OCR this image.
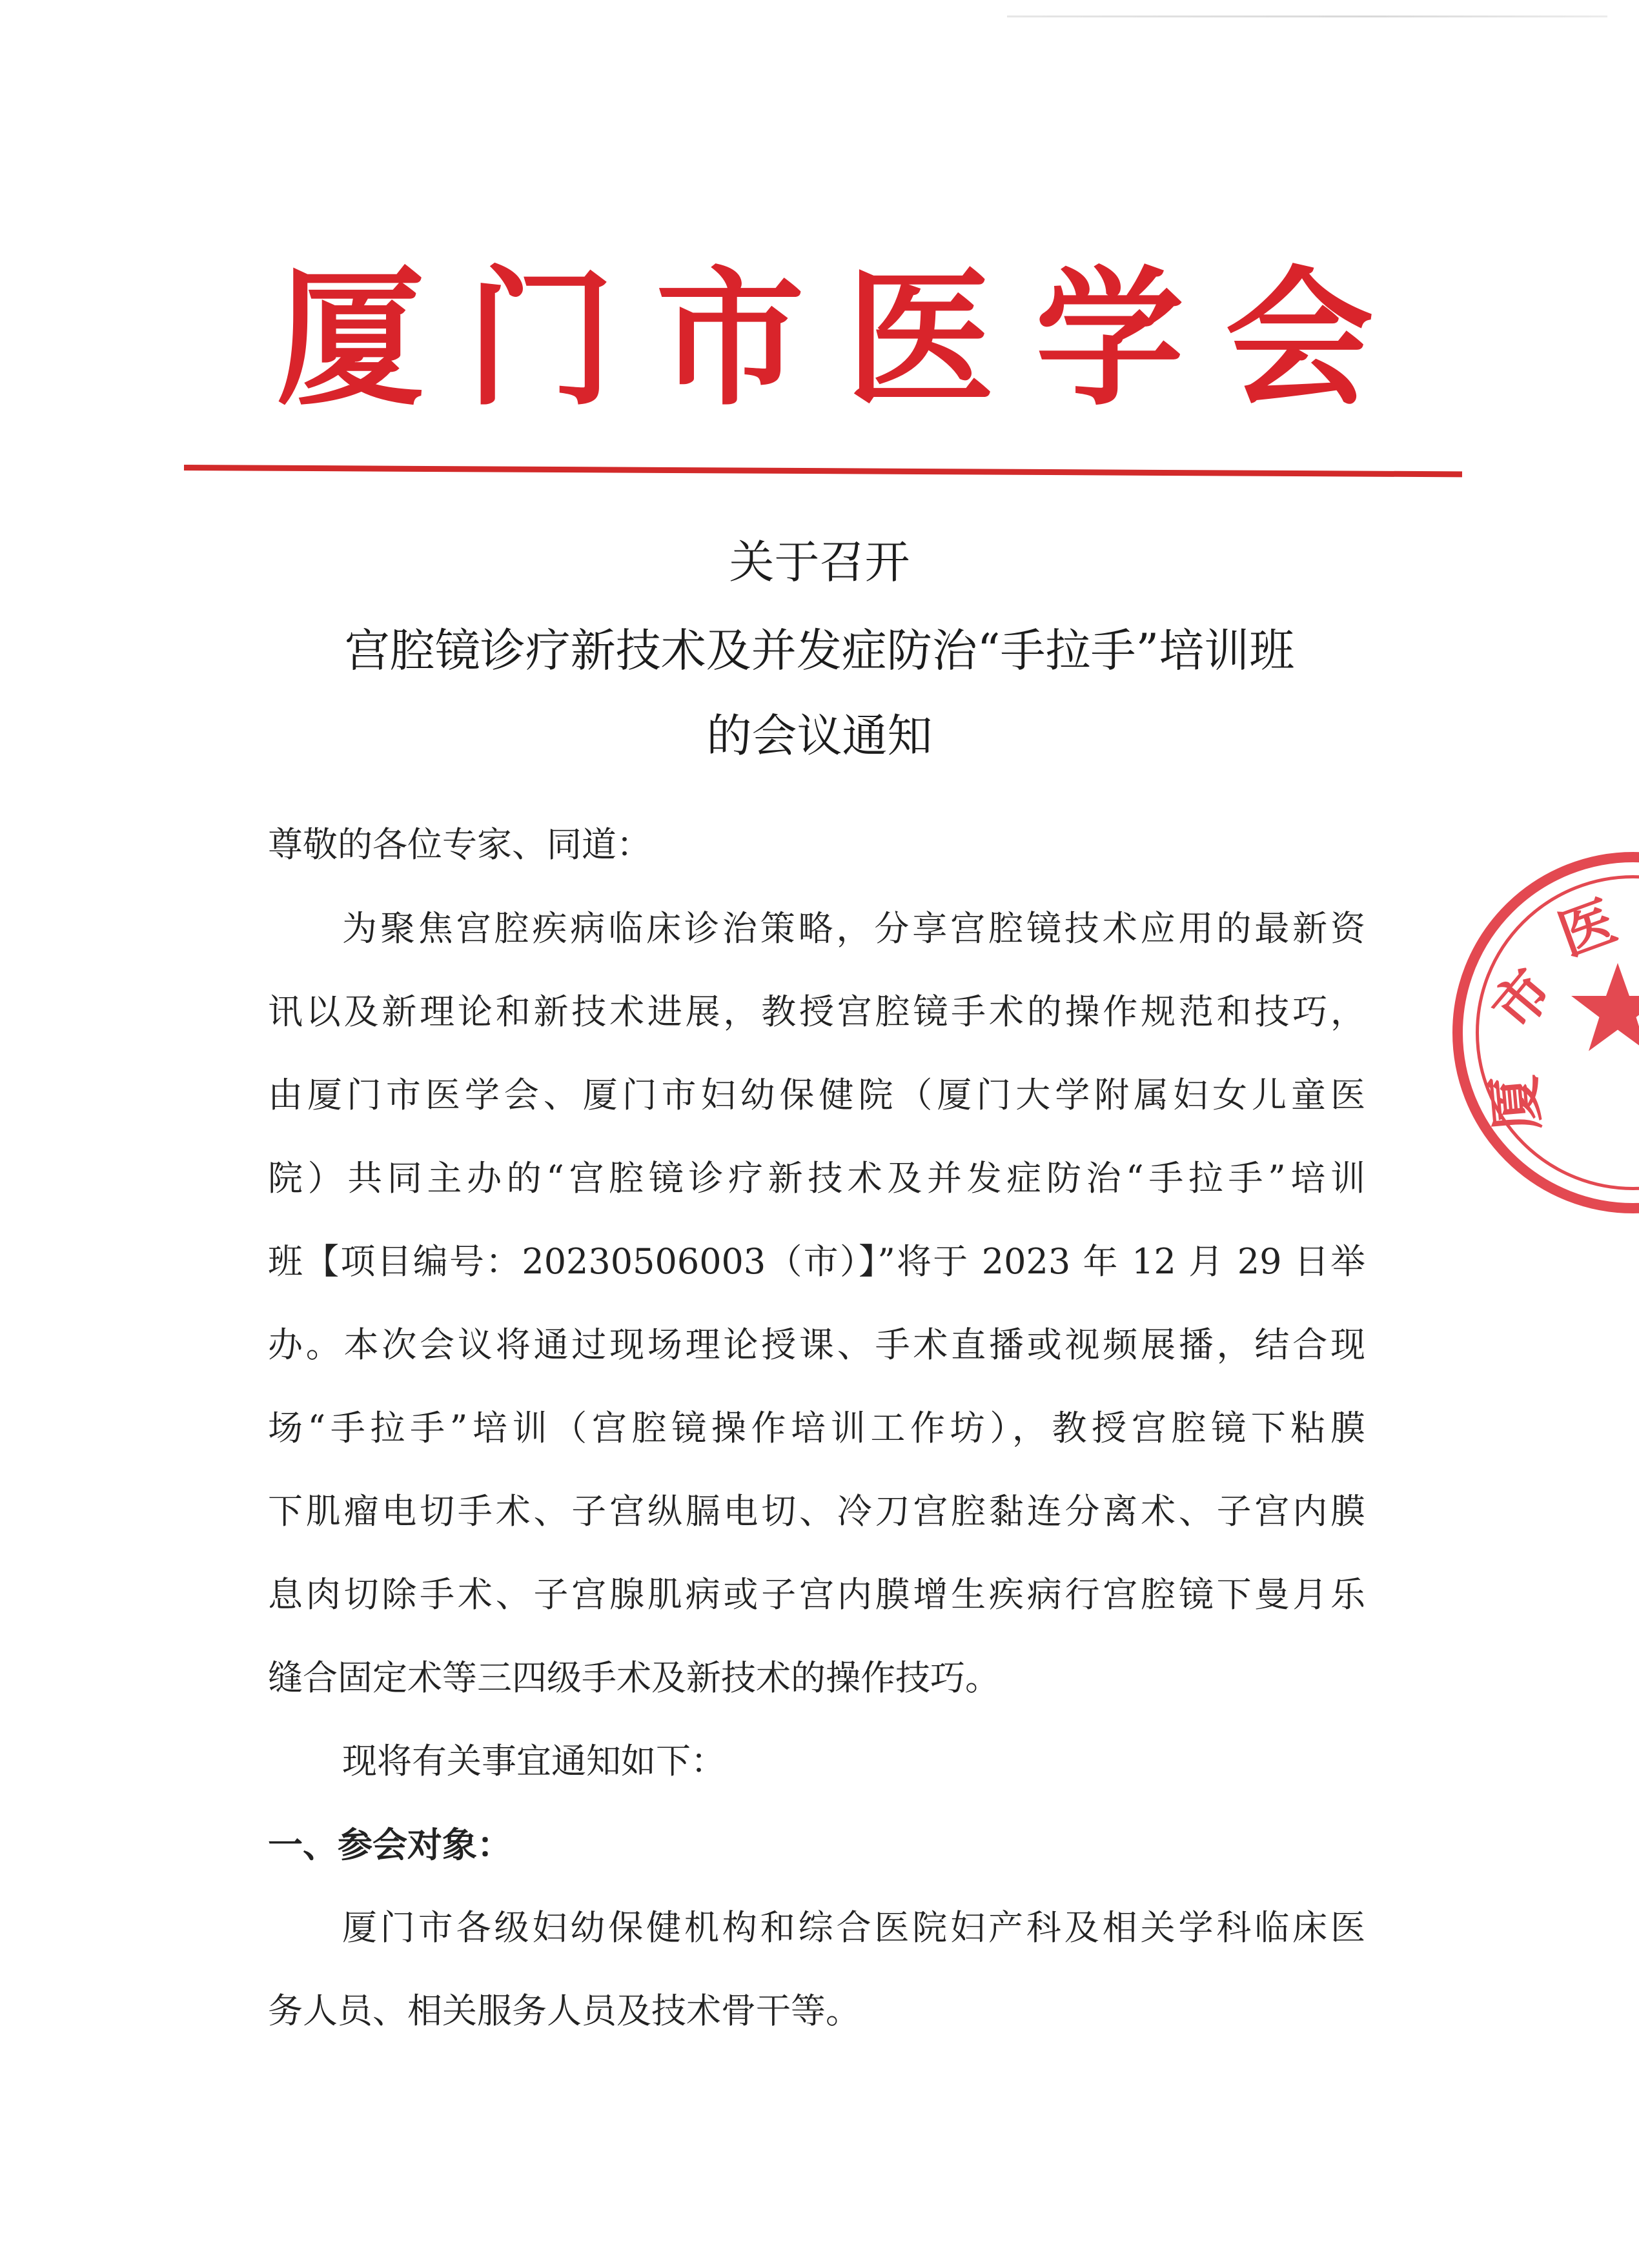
厦 门 市 医 学 会
关于召开
宫腔镜诊疗新技术及并发症防治“手拉手”培训班
的会议通知
尊敬的各位专家、同道：
为聚焦宫腔疾病临床诊治策略，分享宫腔镜技术应用的最新资
讯以及新理论和新技术进展，教授宫腔镜手术的操作规范和技巧，
由厦门市医学会、厦门市妇幼保健院（厦门大学附属妇女儿童医
院）共同主办的“宫腔镜诊疗新技术及并发症防治“手拉手”培训
班【项目编号：20230506003（市）】”将于 2023 年 12 月 29 日举
办。本次会议将通过现场理论授课、手术直播或视频展播，结合现
场“手拉手”培训（宫腔镜操作培训工作坊），教授宫腔镜下粘膜
下肌瘤电切手术、子宫纵膈电切、冷刀宫腔黏连分离术、子宫内膜
息肉切除手术、子宫腺肌病或子宫内膜增生疾病行宫腔镜下曼月乐
缝合固定术等三四级手术及新技术的操作技巧。
现将有关事宜通知如下：
一、参会对象：
厦门市各级妇幼保健机构和综合医院妇产科及相关学科临床医
务人员、相关服务人员及技术骨干等。
市
医
厦
